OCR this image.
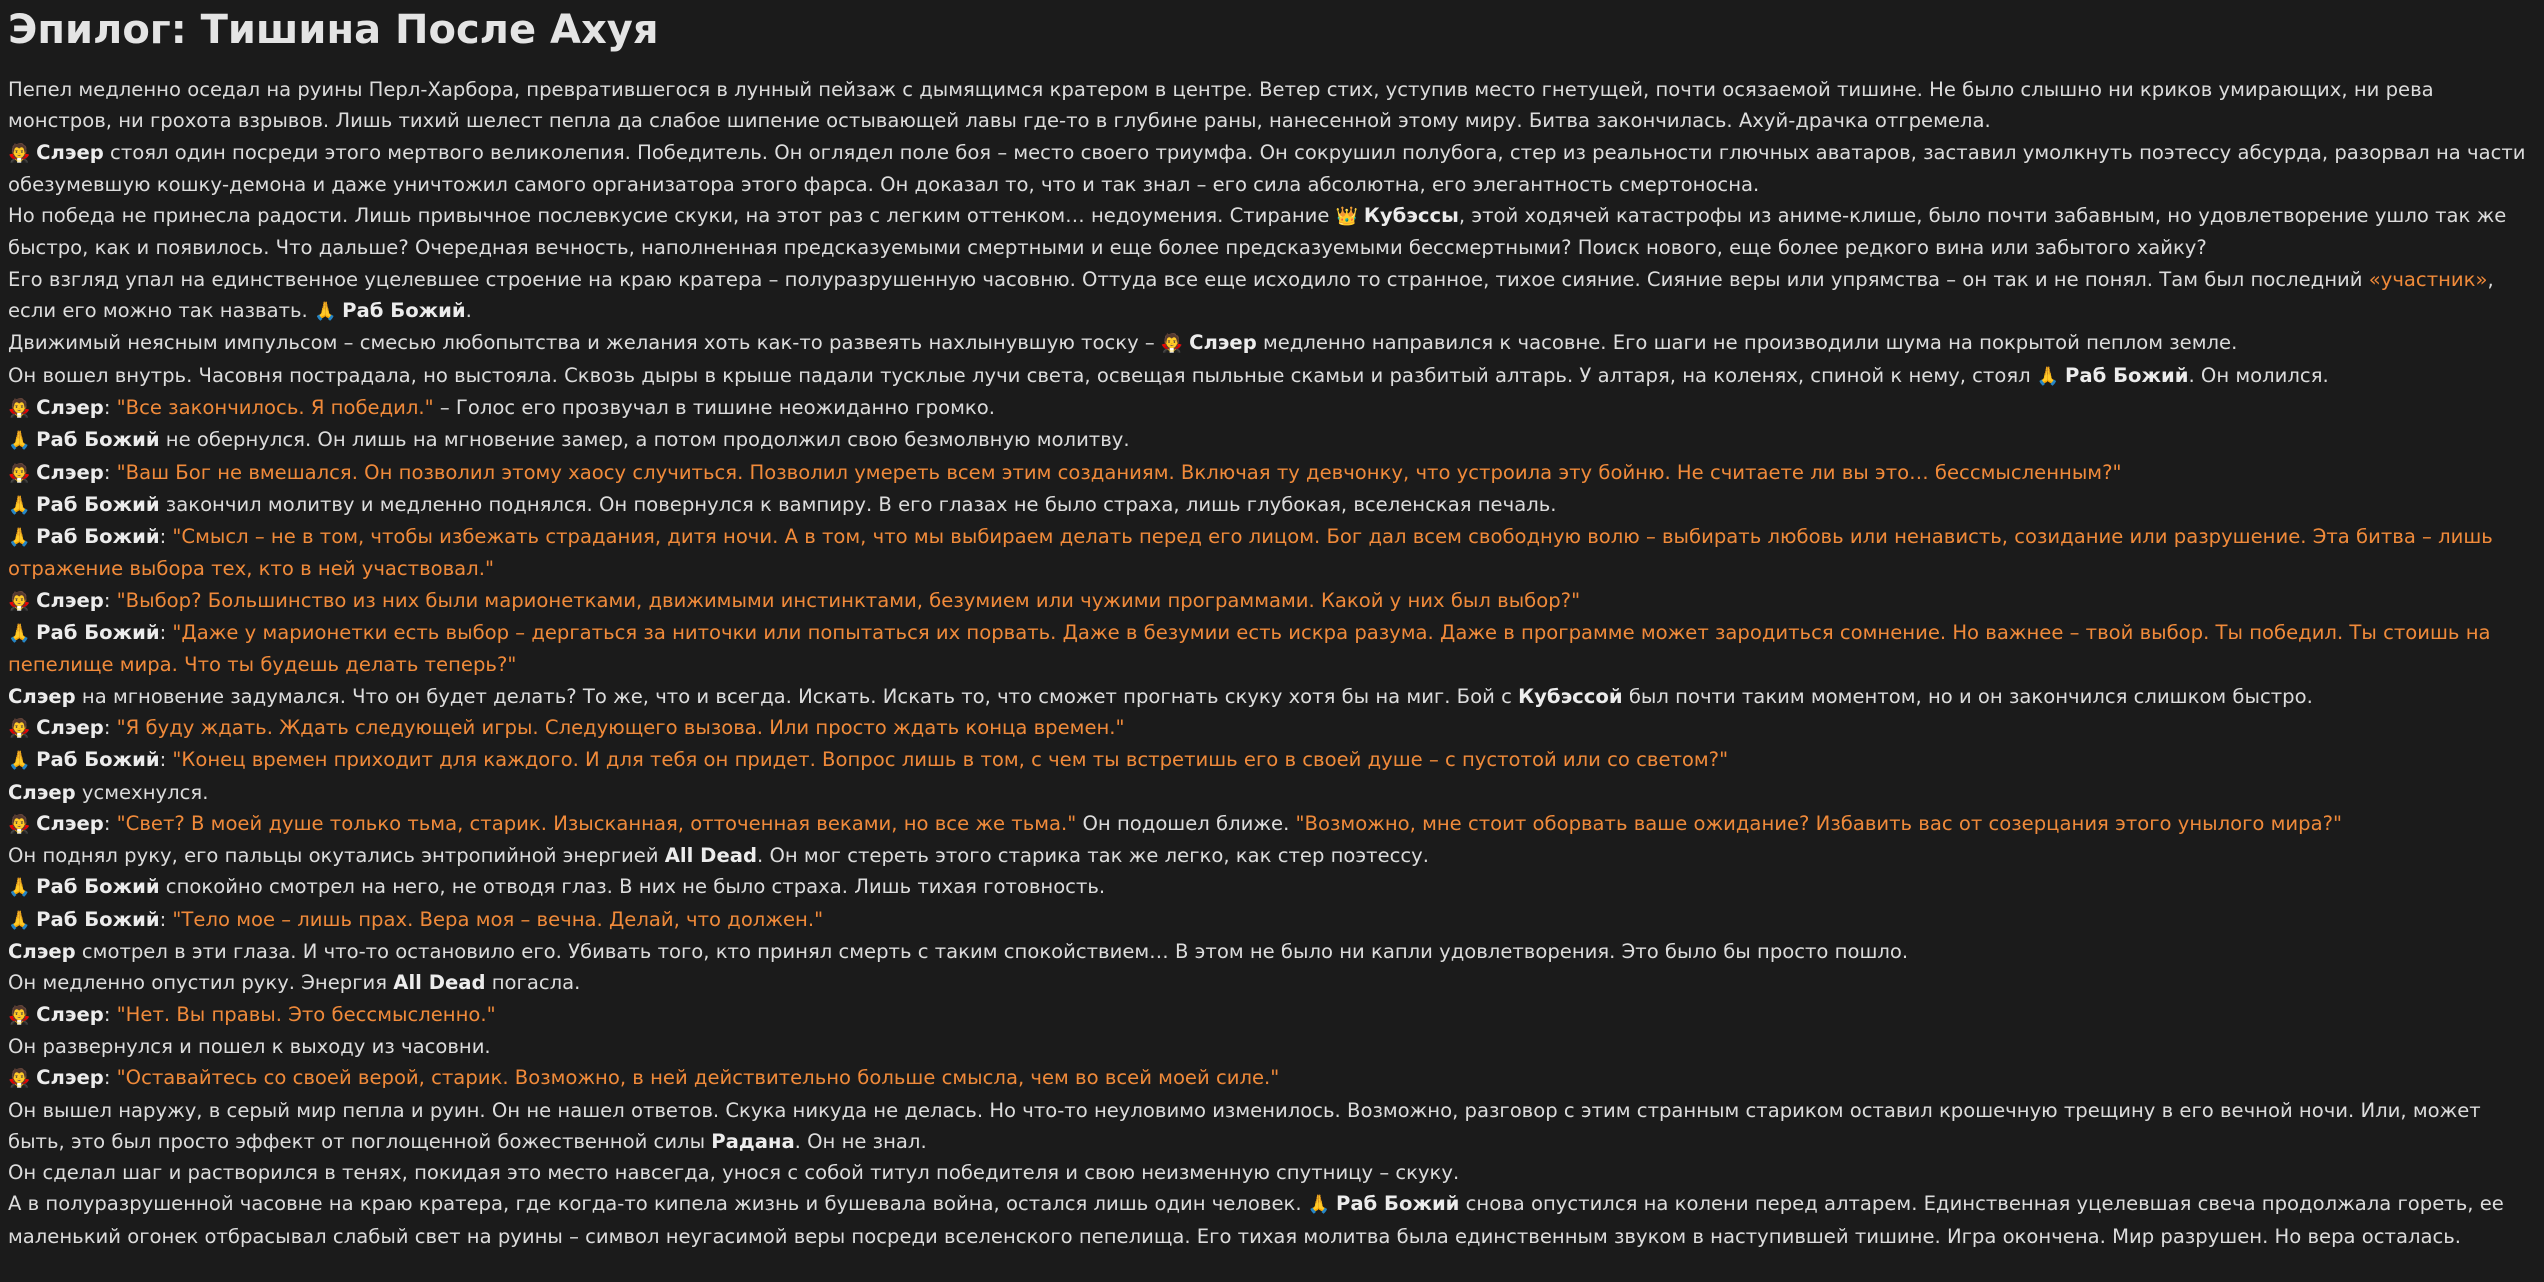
Эпилог: Тишина После Ахуя

Пепел медленно оседал на руины Перл-Харбора, превратившегося в лунный пейзаж с дымящимся кратером в центре. Ветер стих, уступив место гнетущей, почти осязаемой тишине. Не было слышно ни криков умирающих, ни рева монстров, ни грохота взрывов. Лишь тихий шелест пепла да слабое шипение остывающей лавы где-то в глубине раны, нанесенной этому миру. Битва закончилась. Ахуй-драчка отгремела.

🧛 Слэер стоял один посреди этого мертвого великолепия. Победитель. Он оглядел поле боя – место своего триумфа. Он сокрушил полубога, стер из реальности глючных аватаров, заставил умолкнуть поэтессу абсурда, разорвал на части обезумевшую кошку-демона и даже уничтожил самого организатора этого фарса. Он доказал то, что и так знал – его сила абсолютна, его элегантность смертоносна.

Но победа не принесла радости. Лишь привычное послевкусие скуки, на этот раз с легким оттенком… недоумения. Стирание 👑 Кубэссы, этой ходячей катастрофы из аниме-клише, было почти забавным, но удовлетворение ушло так же быстро, как и появилось. Что дальше? Очередная вечность, наполненная предсказуемыми смертными и еще более предсказуемыми бессмертными? Поиск нового, еще более редкого вина или забытого хайку?

Его взгляд упал на единственное уцелевшее строение на краю кратера – полуразрушенную часовню. Оттуда все еще исходило то странное, тихое сияние. Сияние веры или упрямства – он так и не понял. Там был последний «участник», если его можно так назвать. 🙏 Раб Божий.

Движимый неясным импульсом – смесью любопытства и желания хоть как-то развеять нахлынувшую тоску – 🧛 Слэер медленно направился к часовне. Его шаги не производили шума на покрытой пеплом земле.

Он вошел внутрь. Часовня пострадала, но выстояла. Сквозь дыры в крыше падали тусклые лучи света, освещая пыльные скамьи и разбитый алтарь. У алтаря, на коленях, спиной к нему, стоял 🙏 Раб Божий. Он молился.

🧛 Слэер: "Все закончилось. Я победил." – Голос его прозвучал в тишине неожиданно громко.

🙏 Раб Божий не обернулся. Он лишь на мгновение замер, а потом продолжил свою безмолвную молитву.

🧛 Слэер: "Ваш Бог не вмешался. Он позволил этому хаосу случиться. Позволил умереть всем этим созданиям. Включая ту девчонку, что устроила эту бойню. Не считаете ли вы это… бессмысленным?"

🙏 Раб Божий закончил молитву и медленно поднялся. Он повернулся к вампиру. В его глазах не было страха, лишь глубокая, вселенская печаль.

🙏 Раб Божий: "Смысл – не в том, чтобы избежать страдания, дитя ночи. А в том, что мы выбираем делать перед его лицом. Бог дал всем свободную волю – выбирать любовь или ненависть, созидание или разрушение. Эта битва – лишь отражение выбора тех, кто в ней участвовал."

🧛 Слэер: "Выбор? Большинство из них были марионетками, движимыми инстинктами, безумием или чужими программами. Какой у них был выбор?"

🙏 Раб Божий: "Даже у марионетки есть выбор – дергаться за ниточки или попытаться их порвать. Даже в безумии есть искра разума. Даже в программе может зародиться сомнение. Но важнее – твой выбор. Ты победил. Ты стоишь на пепелище мира. Что ты будешь делать теперь?"

Слэер на мгновение задумался. Что он будет делать? То же, что и всегда. Искать. Искать то, что сможет прогнать скуку хотя бы на миг. Бой с Кубэссой был почти таким моментом, но и он закончился слишком быстро.

🧛 Слэер: "Я буду ждать. Ждать следующей игры. Следующего вызова. Или просто ждать конца времен."

🙏 Раб Божий: "Конец времен приходит для каждого. И для тебя он придет. Вопрос лишь в том, с чем ты встретишь его в своей душе – с пустотой или со светом?"

Слэер усмехнулся.

🧛 Слэер: "Свет? В моей душе только тьма, старик. Изысканная, отточенная веками, но все же тьма." Он подошел ближе. "Возможно, мне стоит оборвать ваше ожидание? Избавить вас от созерцания этого унылого мира?"

Он поднял руку, его пальцы окутались энтропийной энергией All Dead. Он мог стереть этого старика так же легко, как стер поэтессу.

🙏 Раб Божий спокойно смотрел на него, не отводя глаз. В них не было страха. Лишь тихая готовность.

🙏 Раб Божий: "Тело мое – лишь прах. Вера моя – вечна. Делай, что должен."

Слэер смотрел в эти глаза. И что-то остановило его. Убивать того, кто принял смерть с таким спокойствием… В этом не было ни капли удовлетворения. Это было бы просто пошло.

Он медленно опустил руку. Энергия All Dead погасла.

🧛 Слэер: "Нет. Вы правы. Это бессмысленно."

Он развернулся и пошел к выходу из часовни.

🧛 Слэер: "Оставайтесь со своей верой, старик. Возможно, в ней действительно больше смысла, чем во всей моей силе."

Он вышел наружу, в серый мир пепла и руин. Он не нашел ответов. Скука никуда не делась. Но что-то неуловимо изменилось. Возможно, разговор с этим странным стариком оставил крошечную трещину в его вечной ночи. Или, может быть, это был просто эффект от поглощенной божественной силы Радана. Он не знал.

Он сделал шаг и растворился в тенях, покидая это место навсегда, унося с собой титул победителя и свою неизменную спутницу – скуку.

А в полуразрушенной часовне на краю кратера, где когда-то кипела жизнь и бушевала война, остался лишь один человек. 🙏 Раб Божий снова опустился на колени перед алтарем. Единственная уцелевшая свеча продолжала гореть, ее маленький огонек отбрасывал слабый свет на руины – символ неугасимой веры посреди вселенского пепелища. Его тихая молитва была единственным звуком в наступившей тишине. Игра окончена. Мир разрушен. Но вера осталась.
